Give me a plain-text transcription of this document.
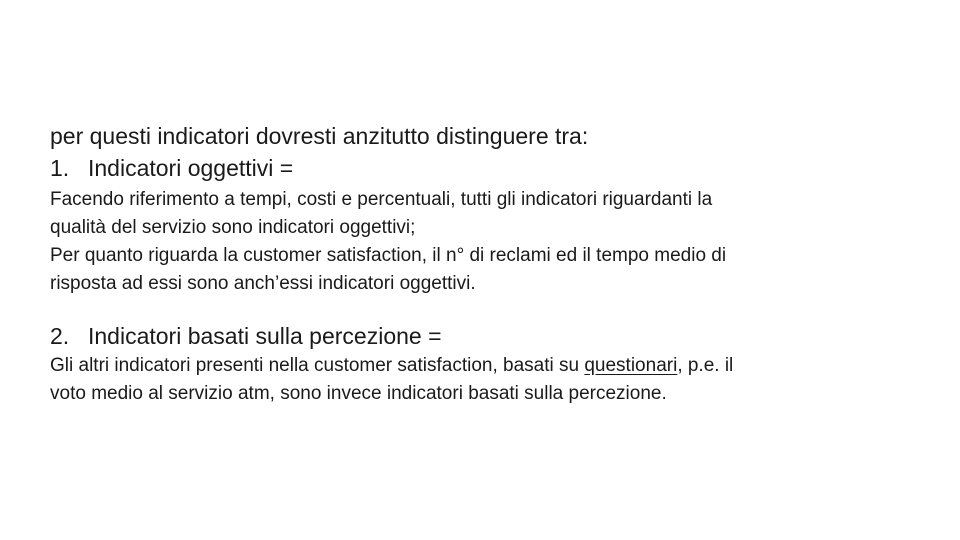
per questi indicatori dovresti anzitutto distinguere tra:
1. Indicatori oggettivi =
Facendo riferimento a tempi, costi e percentuali, tutti gli indicatori riguardanti la
qualità del servizio sono indicatori oggettivi;
Per quanto riguarda la customer satisfaction, il n° di reclami ed il tempo medio di
risposta ad essi sono anch’essi indicatori oggettivi.
2. Indicatori basati sulla percezione =
Gli altri indicatori presenti nella customer satisfaction, basati su questionari, p.e. il
voto medio al servizio atm, sono invece indicatori basati sulla percezione.
